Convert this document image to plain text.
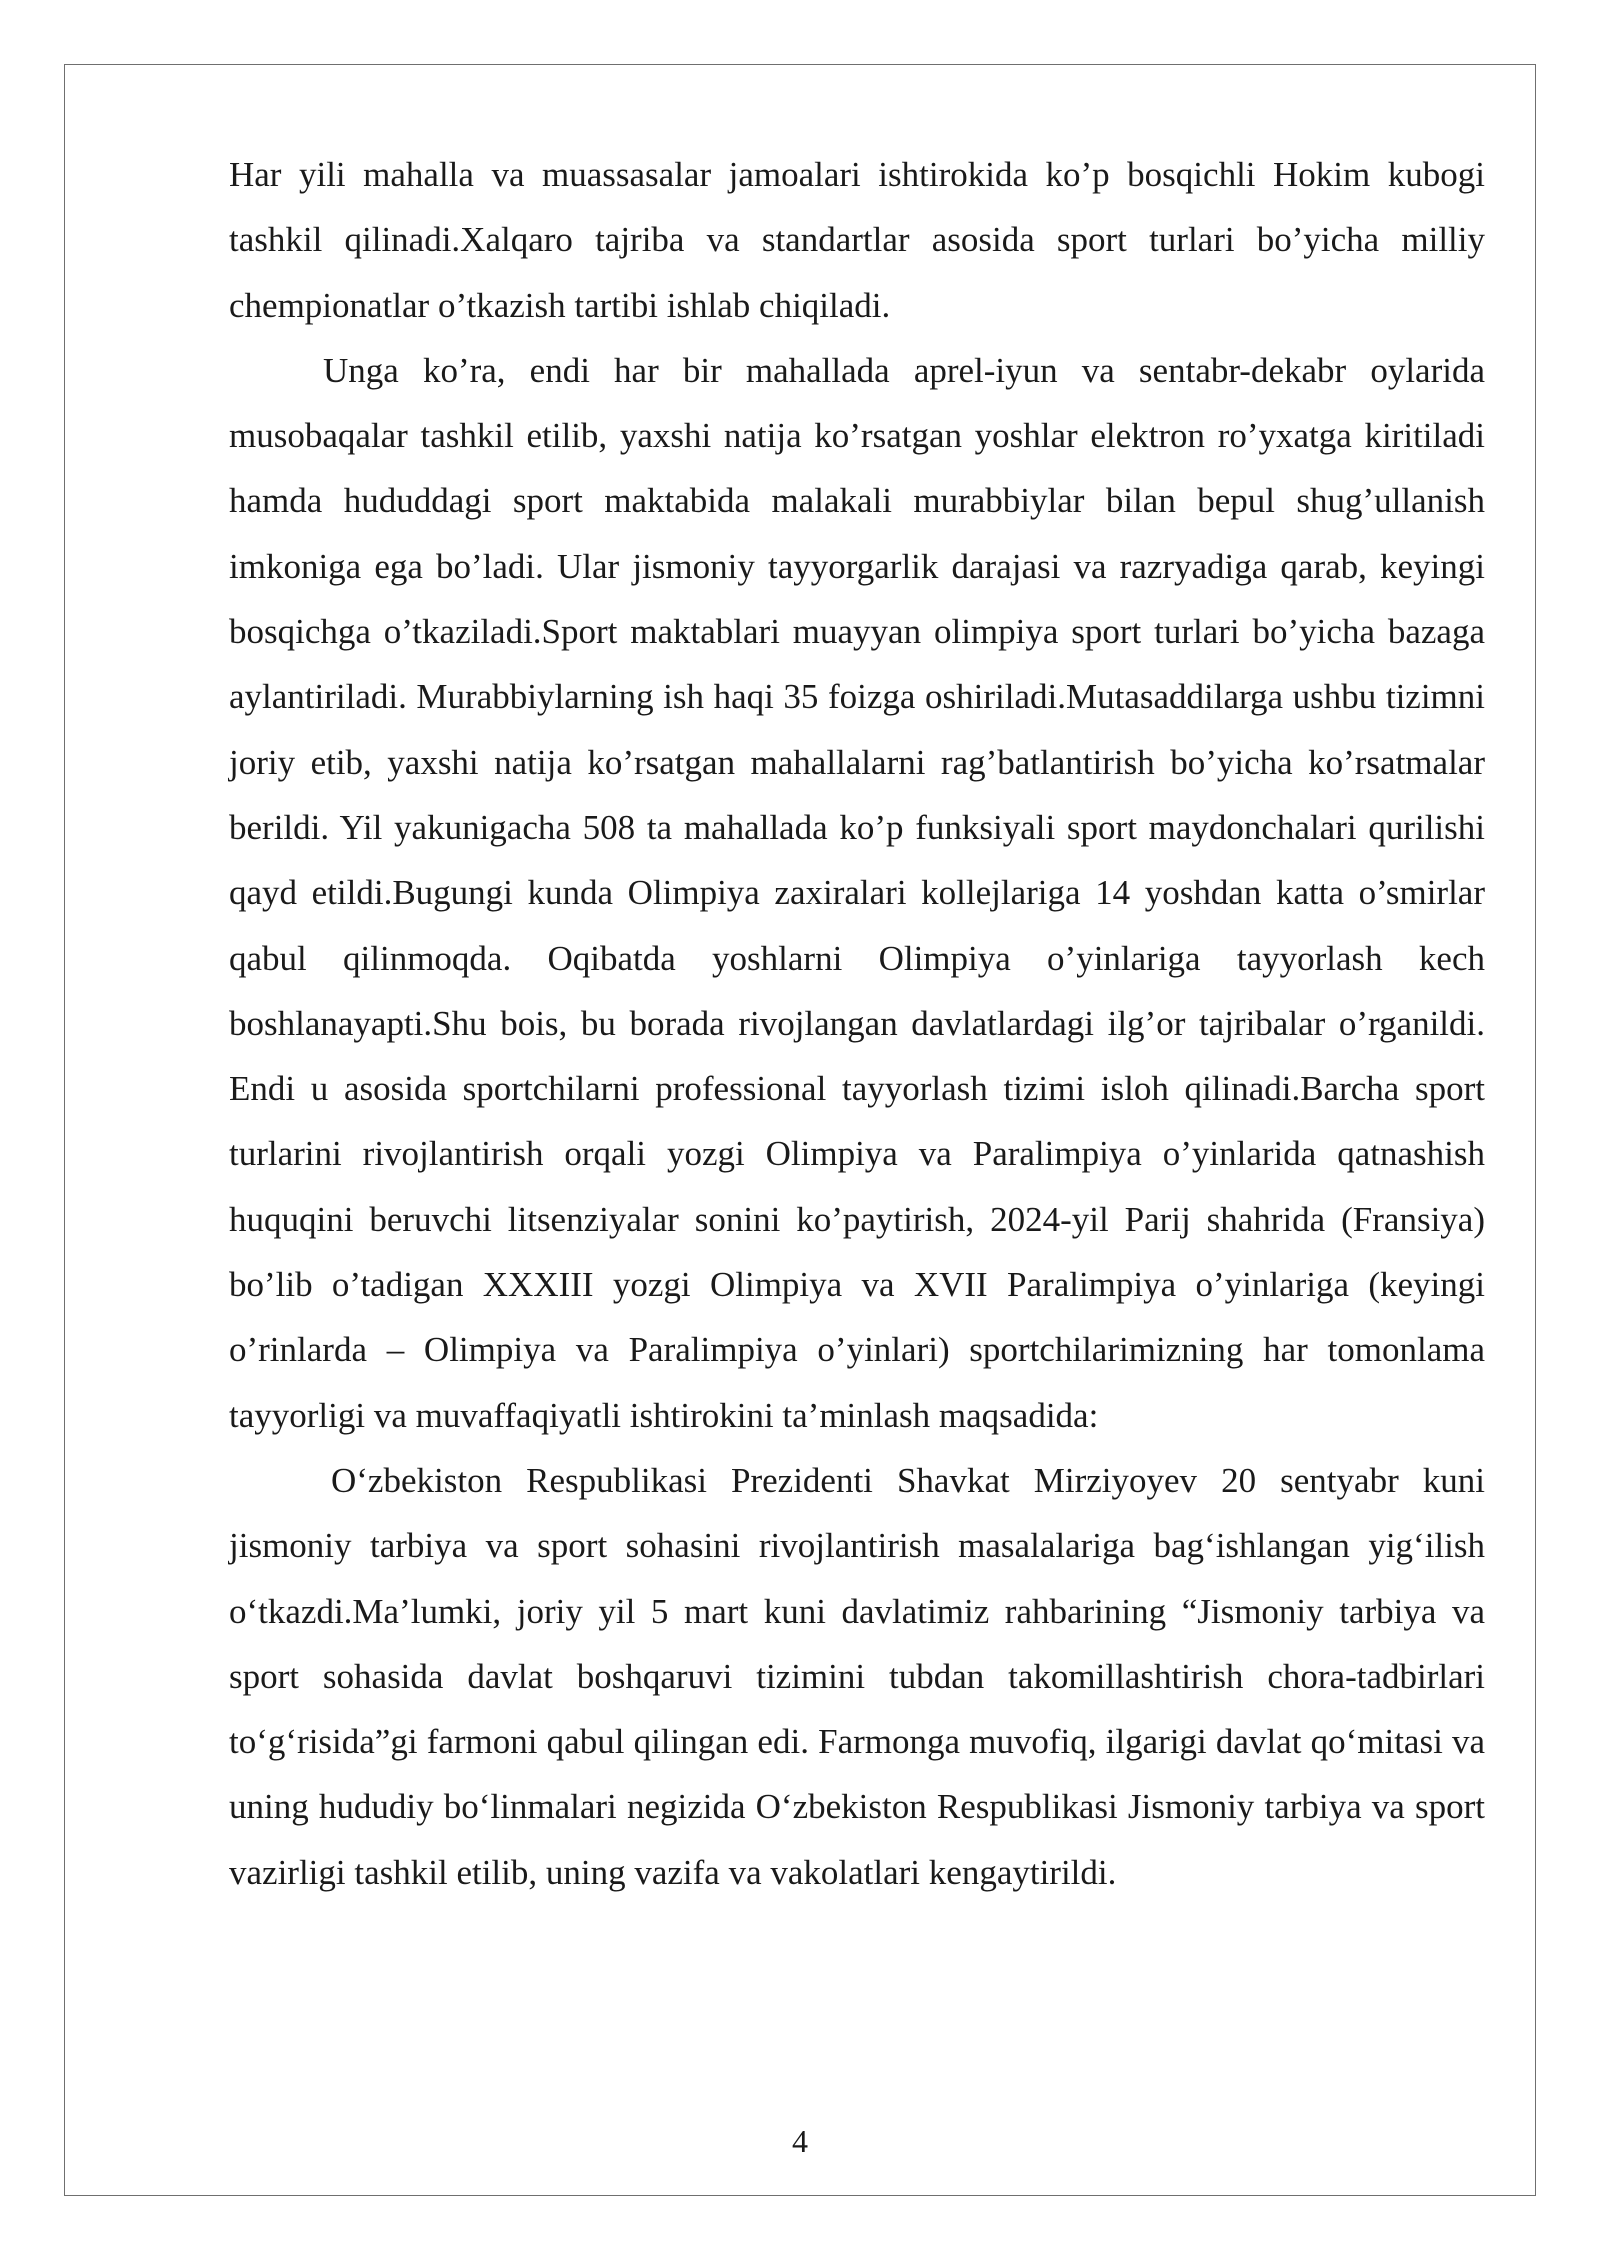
Har yili mahalla va muassasalar jamoalari ishtirokida ko’p bosqichli Hokim kubogi tashkil qilinadi.Xalqaro tajriba va standartlar asosida sport turlari bo’yicha milliy chempionatlar o’tkazish tartibi ishlab chiqiladi.

Unga ko’ra, endi har bir mahallada aprel-iyun va sentabr-dekabr oylarida musobaqalar tashkil etilib, yaxshi natija ko’rsatgan yoshlar elektron ro’yxatga kiritiladi hamda hududdagi sport maktabida malakali murabbiylar bilan bepul shug’ullanish imkoniga ega bo’ladi. Ular jismoniy tayyorgarlik darajasi va razryadiga qarab, keyingi bosqichga o’tkaziladi.Sport maktablari muayyan olimpiya sport turlari bo’yicha bazaga aylantiriladi. Murabbiylarning ish haqi 35 foizga oshiriladi.Mutasaddilarga ushbu tizimni joriy etib, yaxshi natija ko’rsatgan mahallalarni rag’batlantirish bo’yicha ko’rsatmalar berildi. Yil yakunigacha 508 ta mahallada ko’p funksiyali sport maydonchalari qurilishi qayd etildi.Bugungi kunda Olimpiya zaxiralari kollejlariga 14 yoshdan katta o’smirlar qabul qilinmoqda. Oqibatda yoshlarni Olimpiya o’yinlariga tayyorlash kech boshlanayapti.Shu bois, bu borada rivojlangan davlatlardagi ilg’or tajribalar o’rganildi. Endi u asosida sportchilarni professional tayyorlash tizimi isloh qilinadi.Barcha sport turlarini rivojlantirish orqali yozgi Olimpiya va Paralimpiya o’yinlarida qatnashish huquqini beruvchi litsenziyalar sonini ko’paytirish, 2024-yil Parij shahrida (Fransiya) bo’lib o’tadigan XXXIII yozgi Olimpiya va XVII Paralimpiya o’yinlariga (keyingi o’rinlarda – Olimpiya va Paralimpiya o’yinlari) sportchilarimizning har tomonlama tayyorligi va muvaffaqiyatli ishtirokini ta’minlash maqsadida:

O‘zbekiston Respublikasi Prezidenti Shavkat Mirziyoyev 20 sentyabr kuni jismoniy tarbiya va sport sohasini rivojlantirish masalalariga bag‘ishlangan yig‘ilish o‘tkazdi.Ma’lumki, joriy yil 5 mart kuni davlatimiz rahbarining “Jismoniy tarbiya va sport sohasida davlat boshqaruvi tizimini tubdan takomillashtirish chora-tadbirlari to‘g‘risida”gi farmoni qabul qilingan edi. Farmonga muvofiq, ilgarigi davlat qo‘mitasi va uning hududiy bo‘linmalari negizida O‘zbekiston Respublikasi Jismoniy tarbiya va sport vazirligi tashkil etilib, uning vazifa va vakolatlari kengaytirildi.

4
